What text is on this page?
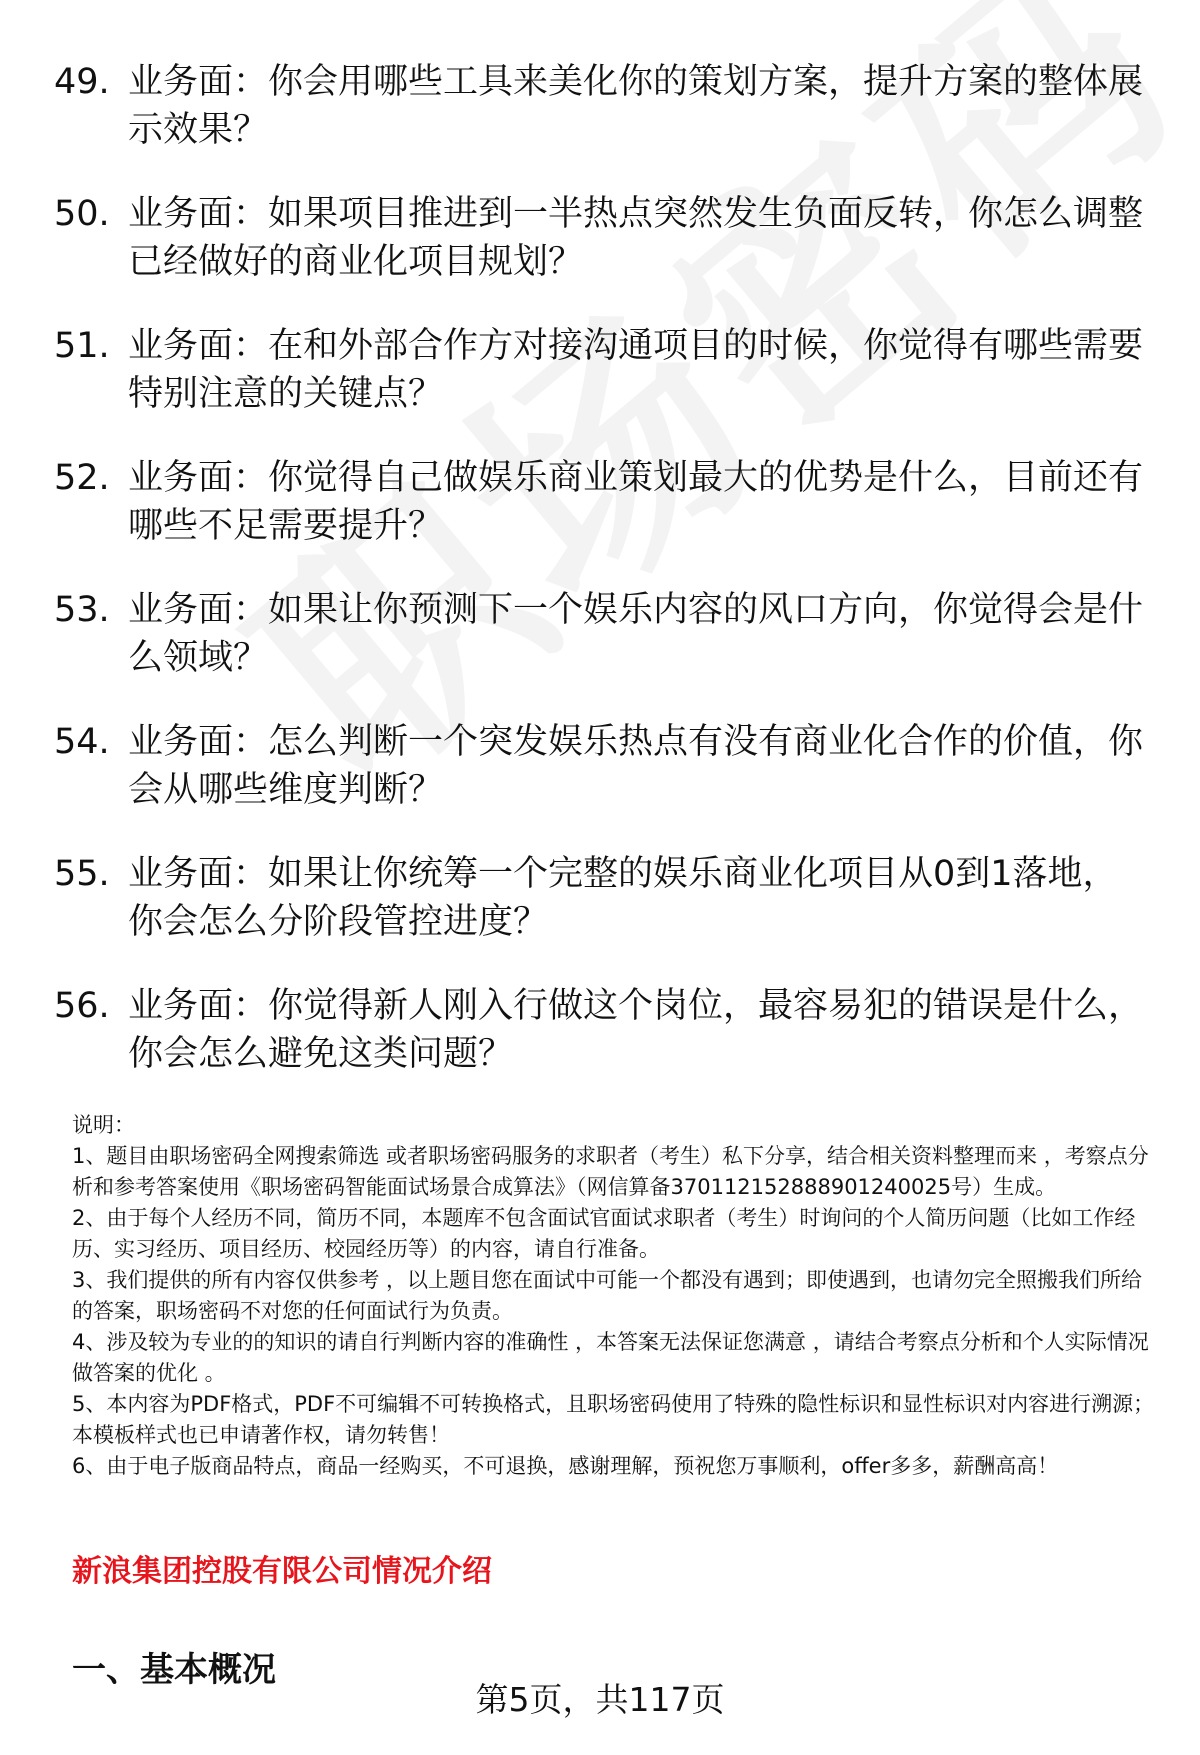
49. 业务面：你会用哪些工具来美化你的策划方案，提升方案的整体展示效果？
50. 业务面：如果项目推进到一半热点突然发生负面反转，你怎么调整已经做好的商业化项目规划？
51. 业务面：在和外部合作方对接沟通项目的时候，你觉得有哪些需要特别注意的关键点？
52. 业务面：你觉得自己做娱乐商业策划最大的优势是什么，目前还有哪些不足需要提升？
53. 业务面：如果让你预测下一个娱乐内容的风口方向，你觉得会是什么领域？
54. 业务面：怎么判断一个突发娱乐热点有没有商业化合作的价值，你会从哪些维度判断？
55. 业务面：如果让你统筹一个完整的娱乐商业化项目从0到1落地，你会怎么分阶段管控进度？
56. 业务面：你觉得新人刚入行做这个岗位，最容易犯的错误是什么，你会怎么避免这类问题？

说明：

1、题目由职场密码全网搜索筛选 或者职场密码服务的求职者（考生）私下分享，结合相关资料整理而来 ，考察点分析和参考答案使用《职场密码智能面试场景合成算法》（网信算备370112152888901240025号）生成。

2、由于每个人经历不同，简历不同，本题库不包含面试官面试求职者（考生）时询问的个人简历问题（比如工作经历、实习经历、项目经历、校园经历等）的内容，请自行准备。

3、我们提供的所有内容仅供参考 ，以上题目您在面试中可能一个都没有遇到；即使遇到，也请勿完全照搬我们所给的答案，职场密码不对您的任何面试行为负责。

4、涉及较为专业的的知识的请自行判断内容的准确性 ，本答案无法保证您满意 ，请结合考察点分析和个人实际情况做答案的优化 。

5、本内容为PDF格式，PDF不可编辑不可转换格式，且职场密码使用了特殊的隐性标识和显性标识对内容进行溯源；本模板样式也已申请著作权，请勿转售！

6、由于电子版商品特点，商品一经购买，不可退换，感谢理解，预祝您万事顺利，offer多多，薪酬高高！

新浪集团控股有限公司情况介绍
一、基本概况
第5页，共117页
